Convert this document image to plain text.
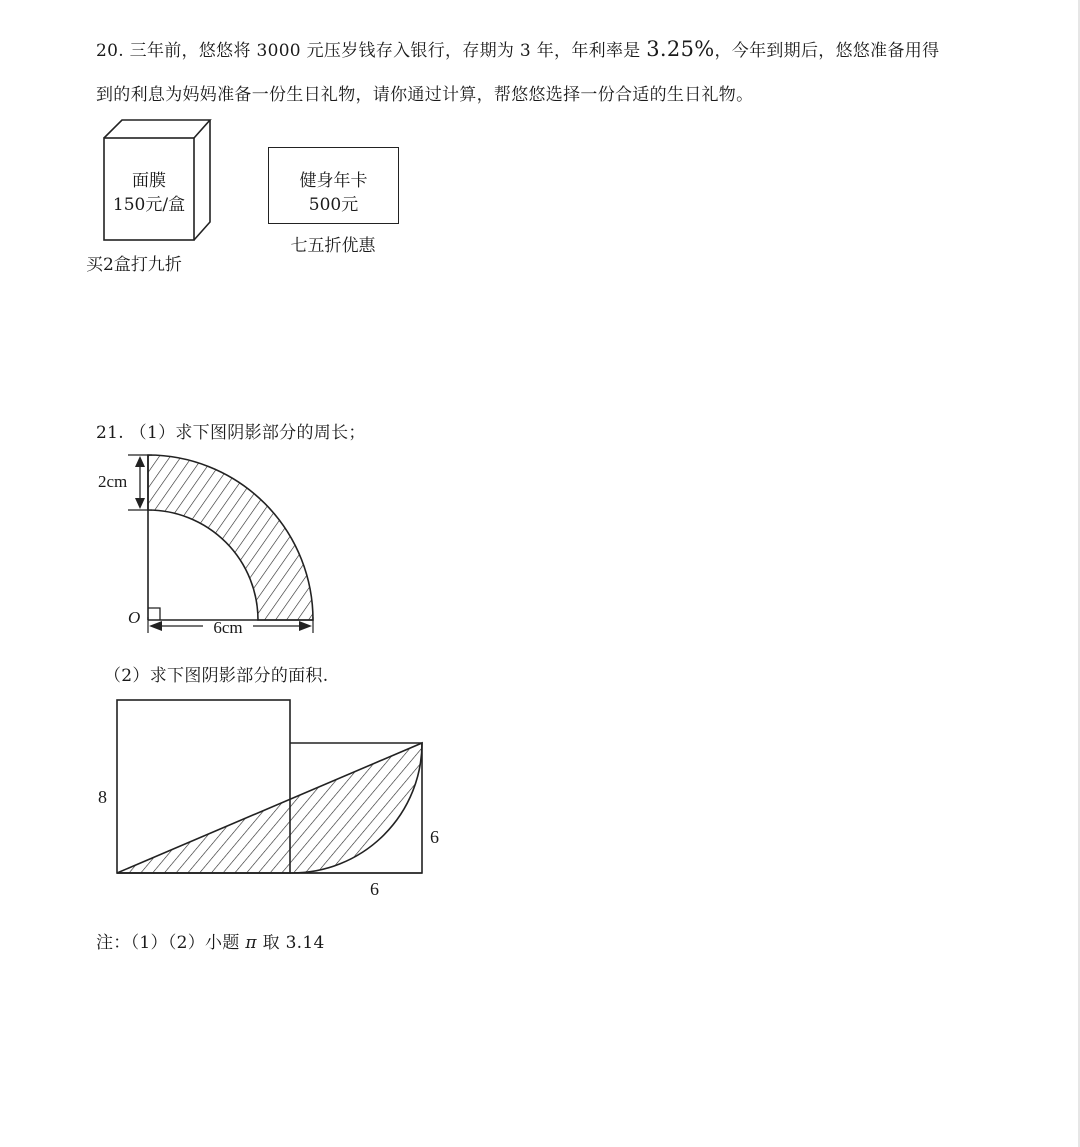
20. 三年前，悠悠将 3000 元压岁钱存入银行，存期为 3 年，年利率是 3.25%，今年到期后，悠悠准备用得
到的利息为妈妈准备一份生日礼物，请你通过计算，帮悠悠选择一份合适的生日礼物。
面膜
150元/盒
买2盒打九折
健身年卡
500元
七五折优惠
21. （1）求下图阴影部分的周长；
2cm
O
6cm
（2）求下图阴影部分的面积.
8
6
6
注：（1）（2）小题 π 取 3.14
